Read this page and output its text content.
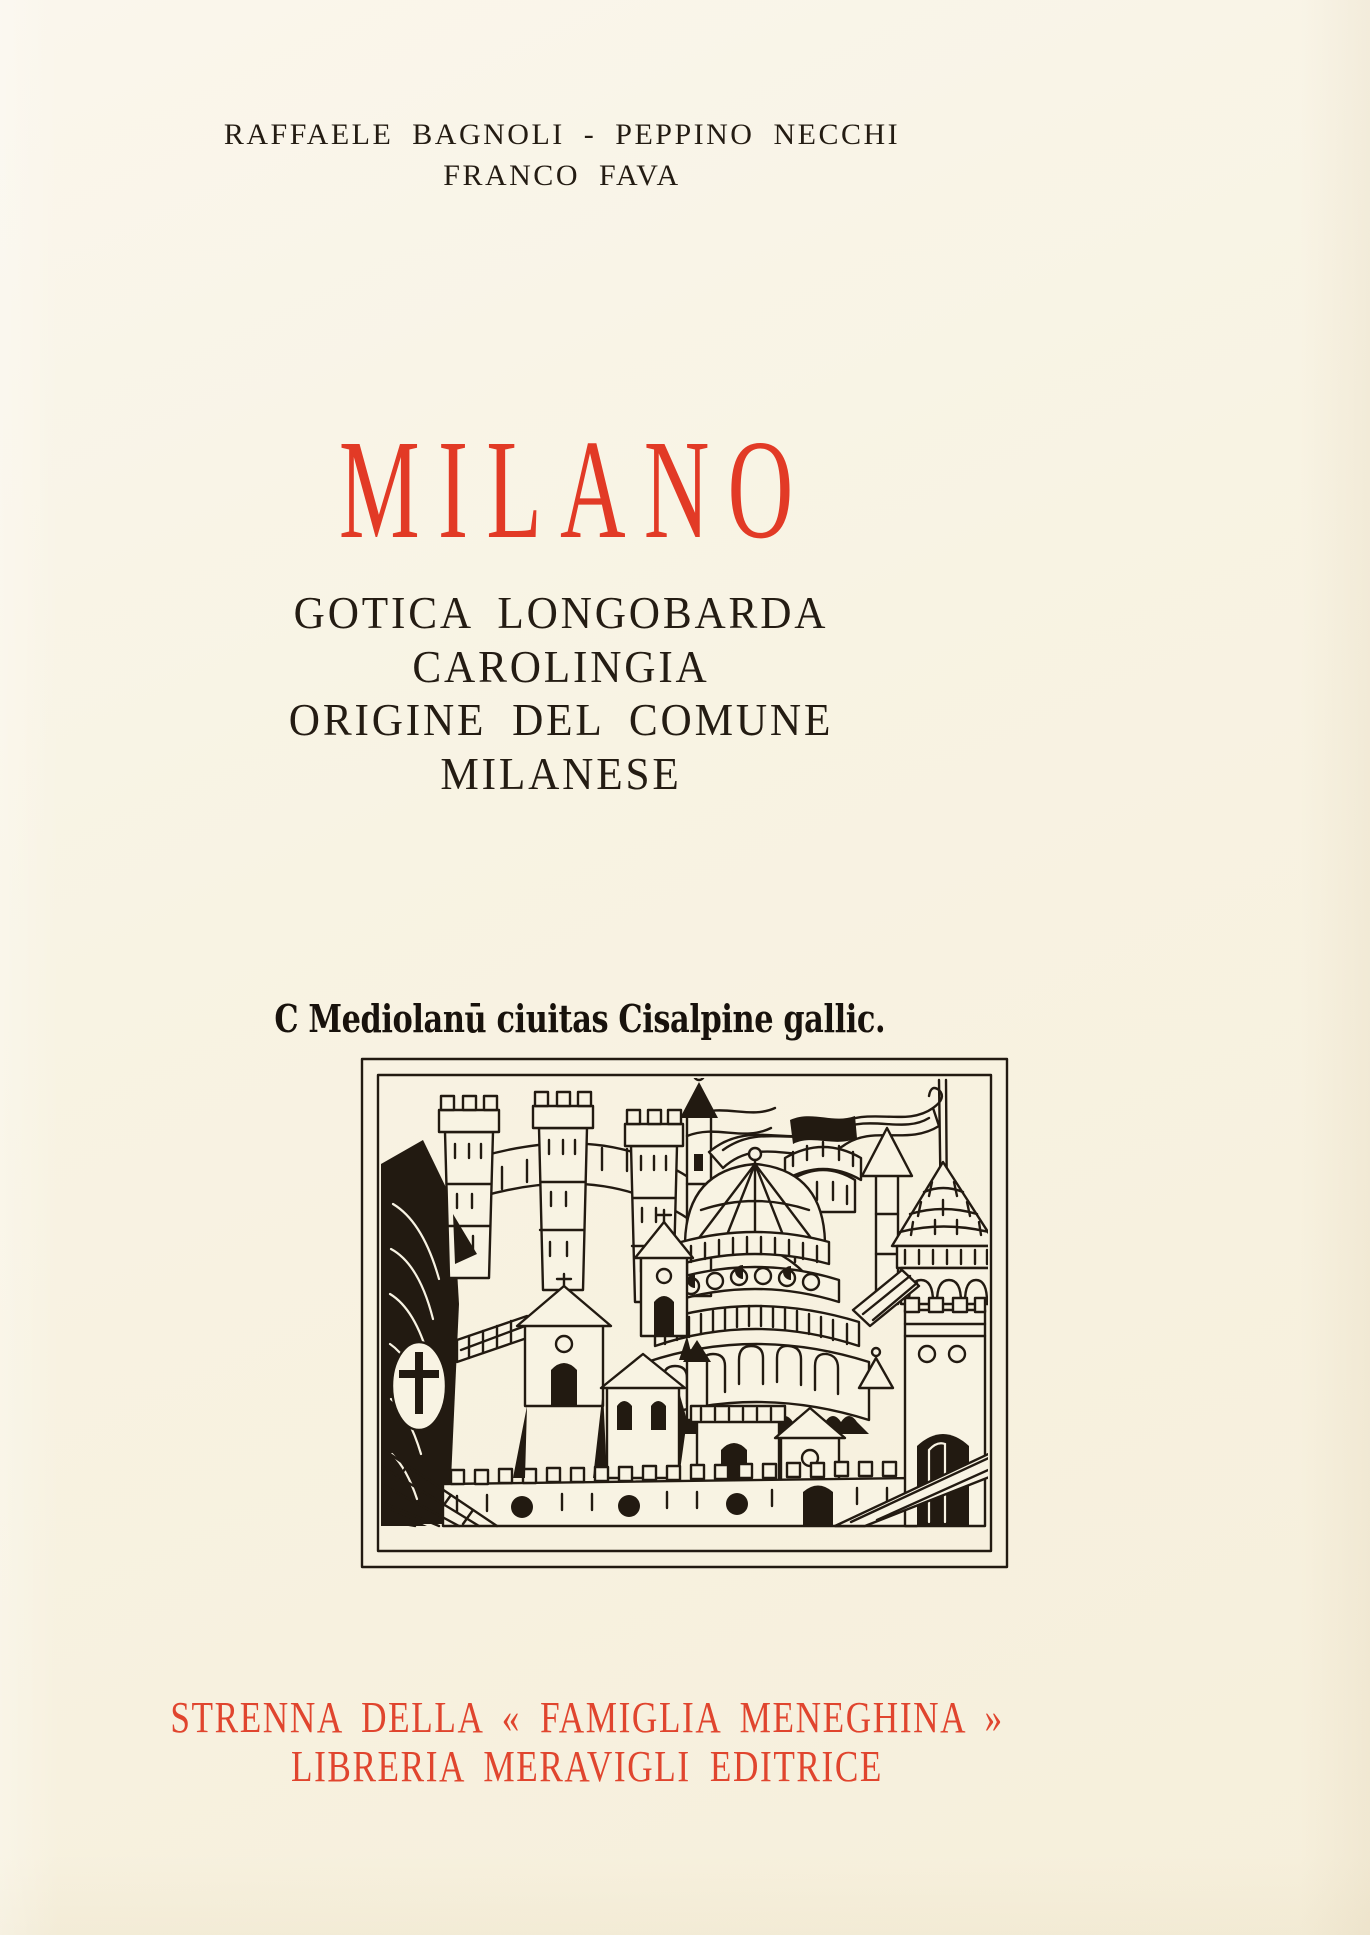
RAFFAELE BAGNOLI - PEPPINO NECCHI
FRANCO FAVA
MILANO
GOTICA LONGOBARDA
CAROLINGIA
ORIGINE DEL COMUNE
MILANESE
C Mediolanū ciuitas Cisalpine gallic.
STRENNA DELLA « FAMIGLIA MENEGHINA »
LIBRERIA MERAVIGLI EDITRICE
